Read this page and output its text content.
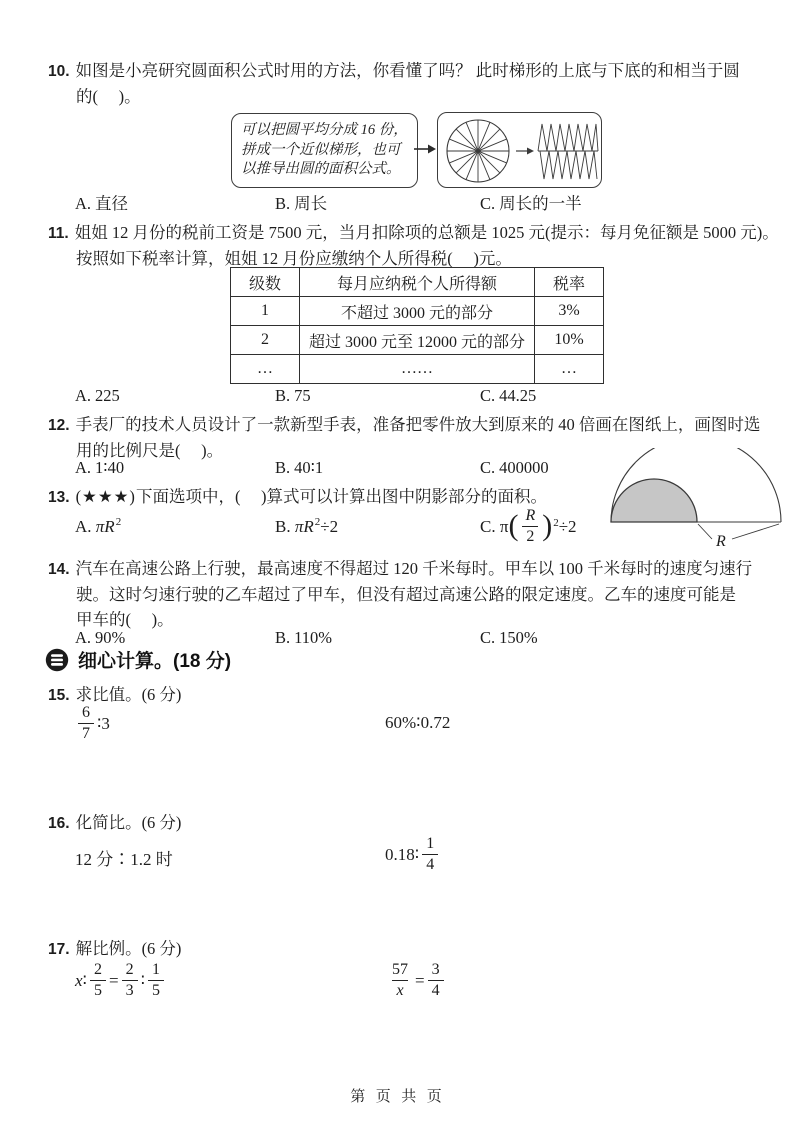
10. 如图是小亮研究圆面积公式时用的方法，你看懂了吗？ 此时梯形的上底与下底的和相当于圆
的(     )。
可以把圆平均分成 16 份，
拼成一个近似梯形，也可
以推导出圆的面积公式。
A. 直径	B. 周长	C. 周长的一半
11. 姐姐 12 月份的税前工资是 7500 元，当月扣除项的总额是 1025 元(提示：每月免征额是 5000 元)。
按照如下税率计算，姐姐 12 月份应缴纳个人所得税(     )元。
级数	每月应纳税个人所得额	税率
1	不超过 3000 元的部分	3%
2	超过 3000 元至 12000 元的部分	10%
…	……	…
A. 225	B. 75	C. 44.25
12. 手表厂的技术人员设计了一款新型手表，准备把零件放大到原来的 40 倍画在图纸上，画图时选
用的比例尺是(     )。
A. 1∶40	B. 40∶1	C. 400000
13. (★★★)下面选项中，(     )算式可以计算出图中阴影部分的面积。
A.
$\pi R^2$	B.
$\pi R^2 \div 2$	C.
π ( $\frac{R}{2}$ ) 2 ÷2
R
14. 汽车在高速公路上行驶，最高速度不得超过 120 千米每时。甲车以 100 千米每时的速度匀速行
驶。这时匀速行驶的乙车超过了甲车，但没有超过高速公路的限定速度。乙车的速度可能是
甲车的(     )。
A. 90%	B. 110%	C. 150%
细心计算。(18 分)
15. 求比值。(6 分)
$\frac{6}{7}$ ∶3	60%∶0.72
16. 化简比。(6 分)
12 分∶1.2 时	0.18∶ $\frac{1}{4}$
17. 解比例。(6 分)
x ∶ $\frac{2}{5} = \frac{2}{3}$ ∶ $\frac{1}{5}$	$\frac{57}{x} = \frac{3}{4}$
第  页  共  页
